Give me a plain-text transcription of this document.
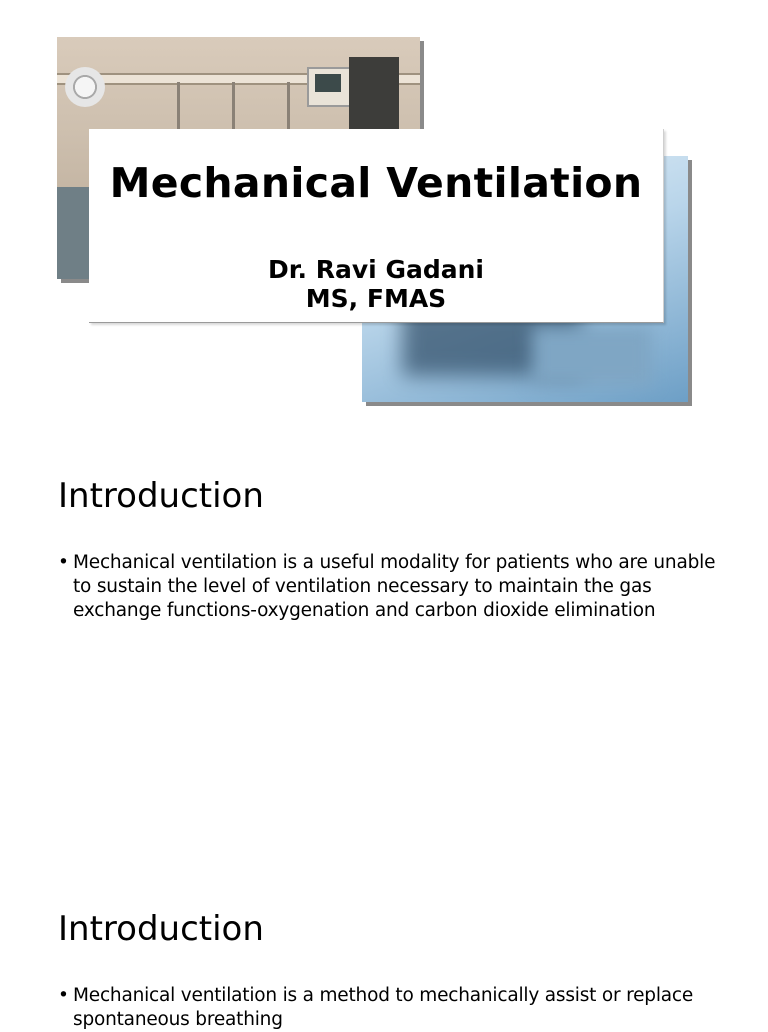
Mechanical Ventilation
Dr. Ravi Gadani
MS, FMAS
Introduction
• Mechanical ventilation is a useful modality for patients who are unable to sustain the level of ventilation necessary to maintain the gas exchange functions-oxygenation and carbon dioxide elimination
Introduction
• Mechanical ventilation is a method to mechanically assist or replace spontaneous breathing
